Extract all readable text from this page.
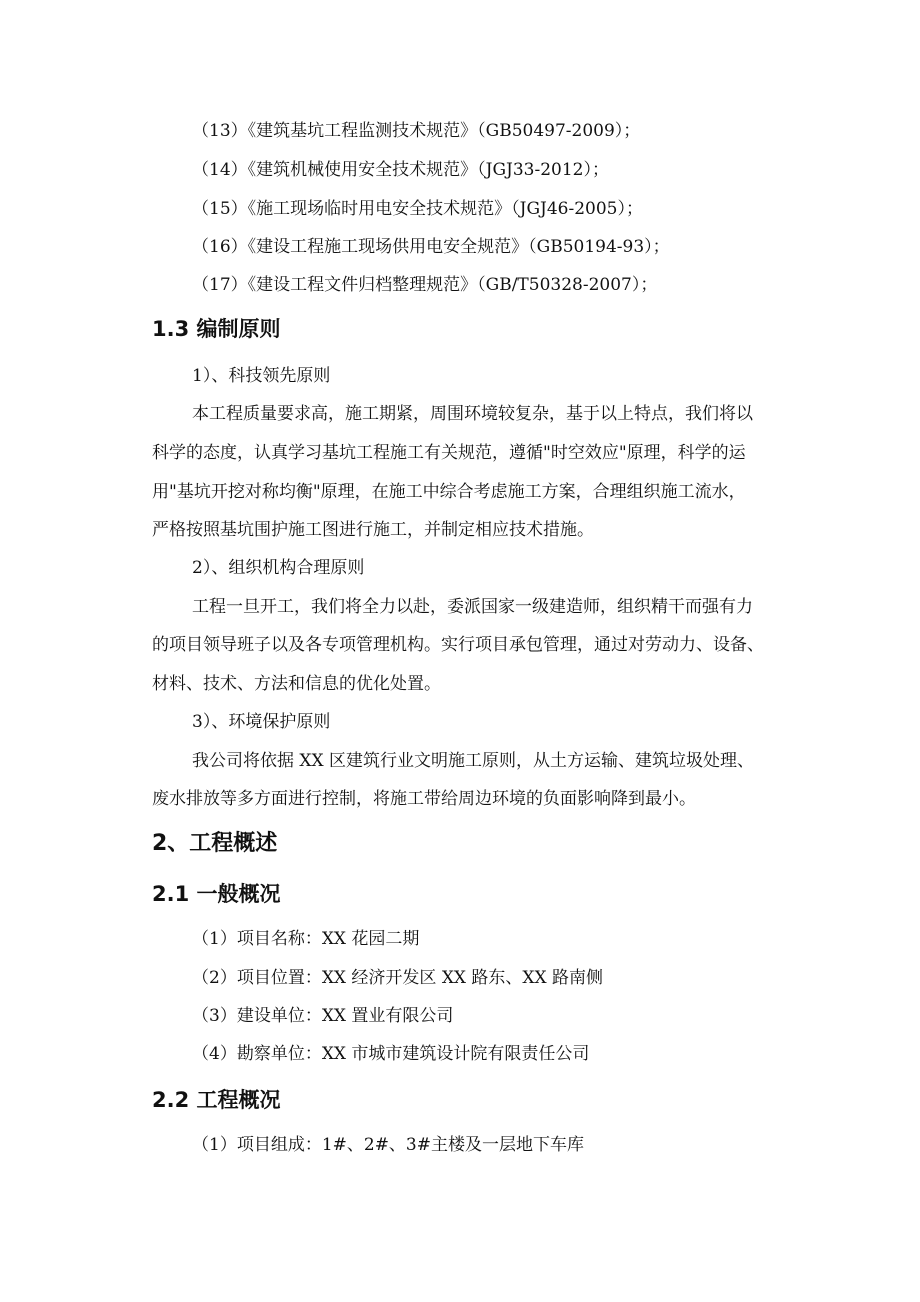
（13）《建筑基坑工程监测技术规范》（GB50497-2009）；
（14）《建筑机械使用安全技术规范》（JGJ33-2012）；
（15）《施工现场临时用电安全技术规范》（JGJ46-2005）；
（16）《建设工程施工现场供用电安全规范》（GB50194-93）；
（17）《建设工程文件归档整理规范》（GB/T50328-2007）；
1.3 编制原则
1）、科技领先原则
本工程质量要求高，施工期紧，周围环境较复杂，基于以上特点，我们将以
科学的态度，认真学习基坑工程施工有关规范，遵循"时空效应"原理，科学的运
用"基坑开挖对称均衡"原理，在施工中综合考虑施工方案，合理组织施工流水，
严格按照基坑围护施工图进行施工，并制定相应技术措施。
2）、组织机构合理原则
工程一旦开工，我们将全力以赴，委派国家一级建造师，组织精干而强有力
的项目领导班子以及各专项管理机构。实行项目承包管理，通过对劳动力、设备、
材料、技术、方法和信息的优化处置。
3）、环境保护原则
我公司将依据 XX 区建筑行业文明施工原则，从土方运输、建筑垃圾处理、
废水排放等多方面进行控制，将施工带给周边环境的负面影响降到最小。
2、工程概述
2.1 一般概况
（1）项目名称：XX 花园二期
（2）项目位置：XX 经济开发区 XX 路东、XX 路南侧
（3）建设单位：XX 置业有限公司
（4）勘察单位：XX 市城市建筑设计院有限责任公司
2.2 工程概况
（1）项目组成：1#、2#、3#主楼及一层地下车库
